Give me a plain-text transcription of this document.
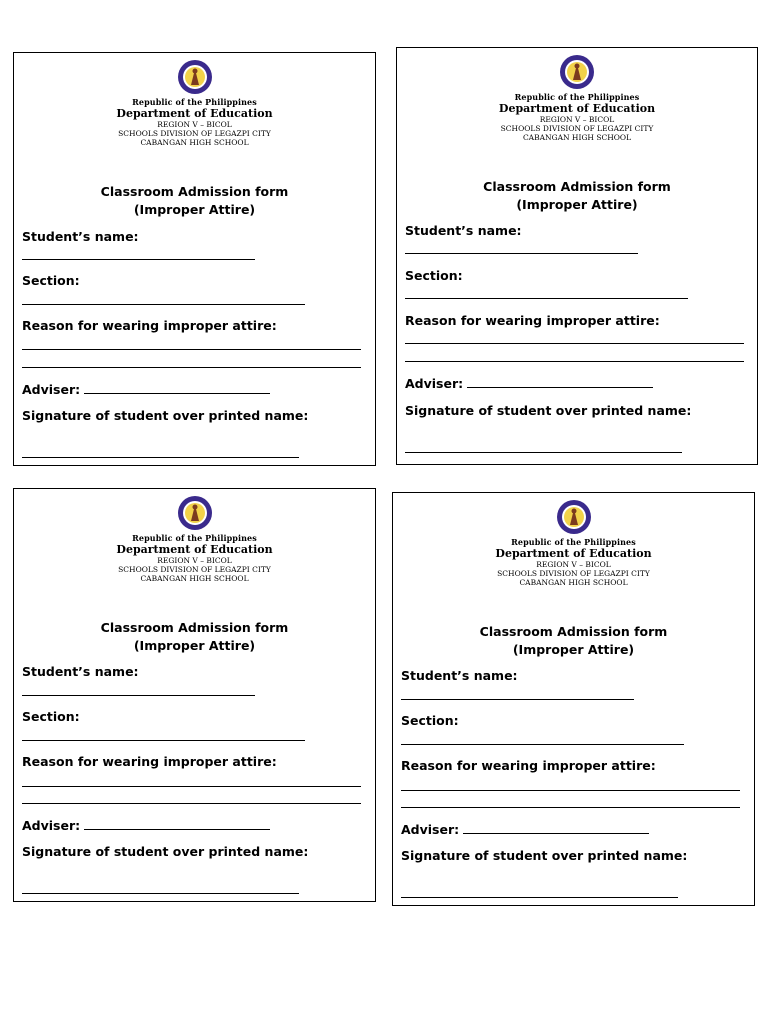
Republic of the Philippines
Department of Education
REGION V – BICOL
SCHOOLS DIVISION OF LEGAZPI CITY
CABANGAN HIGH SCHOOL
Classroom Admission form
(Improper Attire)
Student’s name:
Section:
Reason for wearing improper attire:
Adviser:
Signature of student over printed name:
Republic of the Philippines
Department of Education
REGION V – BICOL
SCHOOLS DIVISION OF LEGAZPI CITY
CABANGAN HIGH SCHOOL
Classroom Admission form
(Improper Attire)
Student’s name:
Section:
Reason for wearing improper attire:
Adviser:
Signature of student over printed name:
Republic of the Philippines
Department of Education
REGION V – BICOL
SCHOOLS DIVISION OF LEGAZPI CITY
CABANGAN HIGH SCHOOL
Classroom Admission form
(Improper Attire)
Student’s name:
Section:
Reason for wearing improper attire:
Adviser:
Signature of student over printed name:
Republic of the Philippines
Department of Education
REGION V – BICOL
SCHOOLS DIVISION OF LEGAZPI CITY
CABANGAN HIGH SCHOOL
Classroom Admission form
(Improper Attire)
Student’s name:
Section:
Reason for wearing improper attire:
Adviser:
Signature of student over printed name:
